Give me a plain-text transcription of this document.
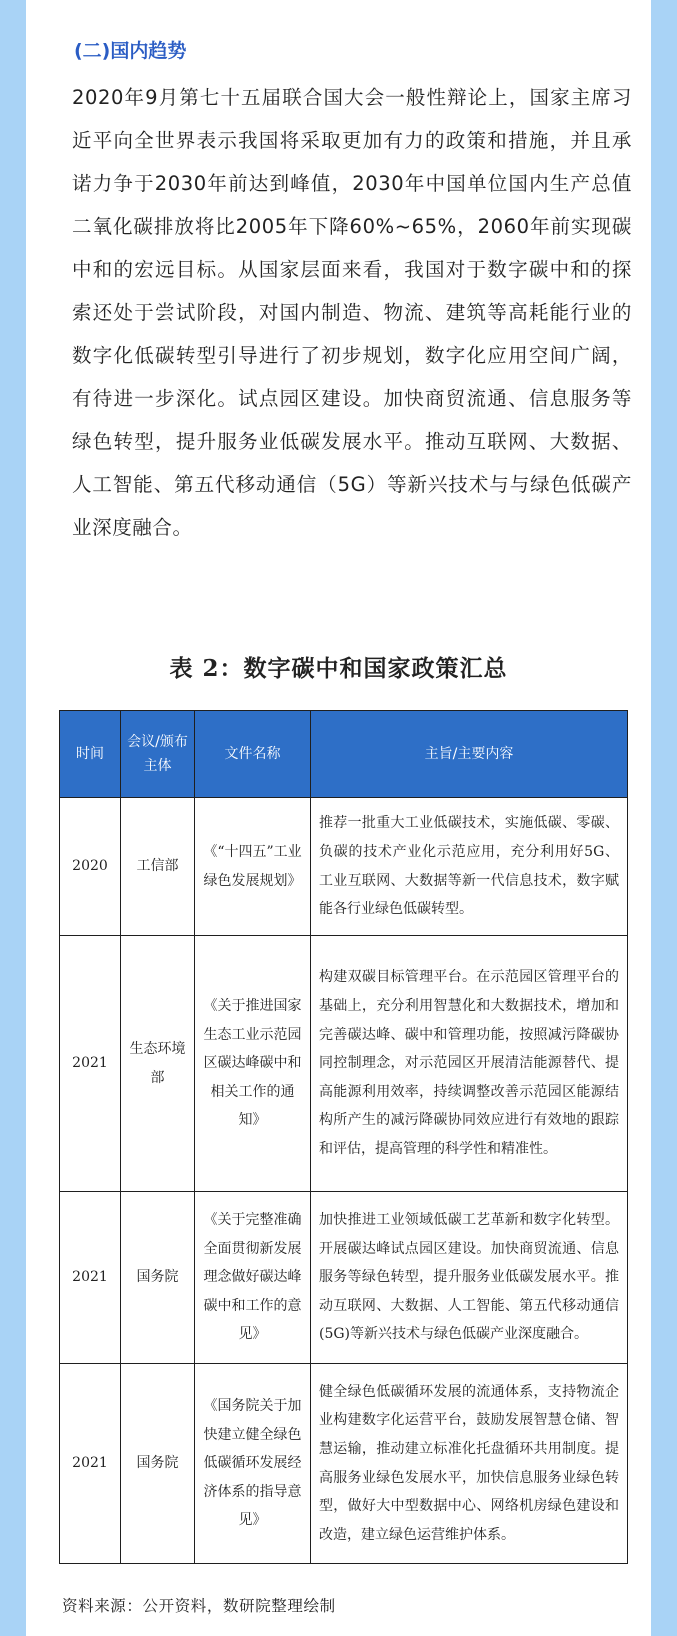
(二)国内趋势

2020年9月第七十五届联合国大会一般性辩论上，国家主席习近平向全世界表示我国将采取更加有力的政策和措施，并且承诺力争于2030年前达到峰值，2030年中国单位国内生产总值二氧化碳排放将比2005年下降60%~65%，2060年前实现碳中和的宏远目标。从国家层面来看，我国对于数字碳中和的探索还处于尝试阶段，对国内制造、物流、建筑等高耗能行业的数字化低碳转型引导进行了初步规划，数字化应用空间广阔，有待进一步深化。试点园区建设。加快商贸流通、信息服务等绿色转型，提升服务业低碳发展水平。推动互联网、大数据、人工智能、第五代移动通信（5G）等新兴技术与与绿色低碳产业深度融合。

表 2：数字碳中和国家政策汇总
时间	会议/颁布主体	文件名称	主旨/主要内容
2020	工信部	《“十四五”工业绿色发展规划》	推荐一批重大工业低碳技术，实施低碳、零碳、负碳的技术产业化示范应用，充分利用好5G、工业互联网、大数据等新一代信息技术，数字赋能各行业绿色低碳转型。
2021	生态环境部	《关于推进国家生态工业示范园区碳达峰碳中和相关工作的通知》	构建双碳目标管理平台。在示范园区管理平台的基础上，充分利用智慧化和大数据技术，增加和完善碳达峰、碳中和管理功能，按照减污降碳协同控制理念，对示范园区开展清洁能源替代、提高能源利用效率，持续调整改善示范园区能源结构所产生的减污降碳协同效应进行有效地的跟踪和评估，提高管理的科学性和精准性。
2021	国务院	《关于完整准确全面贯彻新发展理念做好碳达峰碳中和工作的意见》	加快推进工业领域低碳工艺革新和数字化转型。开展碳达峰试点园区建设。加快商贸流通、信息服务等绿色转型，提升服务业低碳发展水平。推动互联网、大数据、人工智能、第五代移动通信(5G)等新兴技术与绿色低碳产业深度融合。
2021	国务院	《国务院关于加快建立健全绿色低碳循环发展经济体系的指导意见》	健全绿色低碳循环发展的流通体系，支持物流企业构建数字化运营平台，鼓励发展智慧仓储、智慧运输，推动建立标准化托盘循环共用制度。提高服务业绿色发展水平，加快信息服务业绿色转型，做好大中型数据中心、网络机房绿色建设和改造，建立绿色运营维护体系。

资料来源：公开资料，数研院整理绘制
